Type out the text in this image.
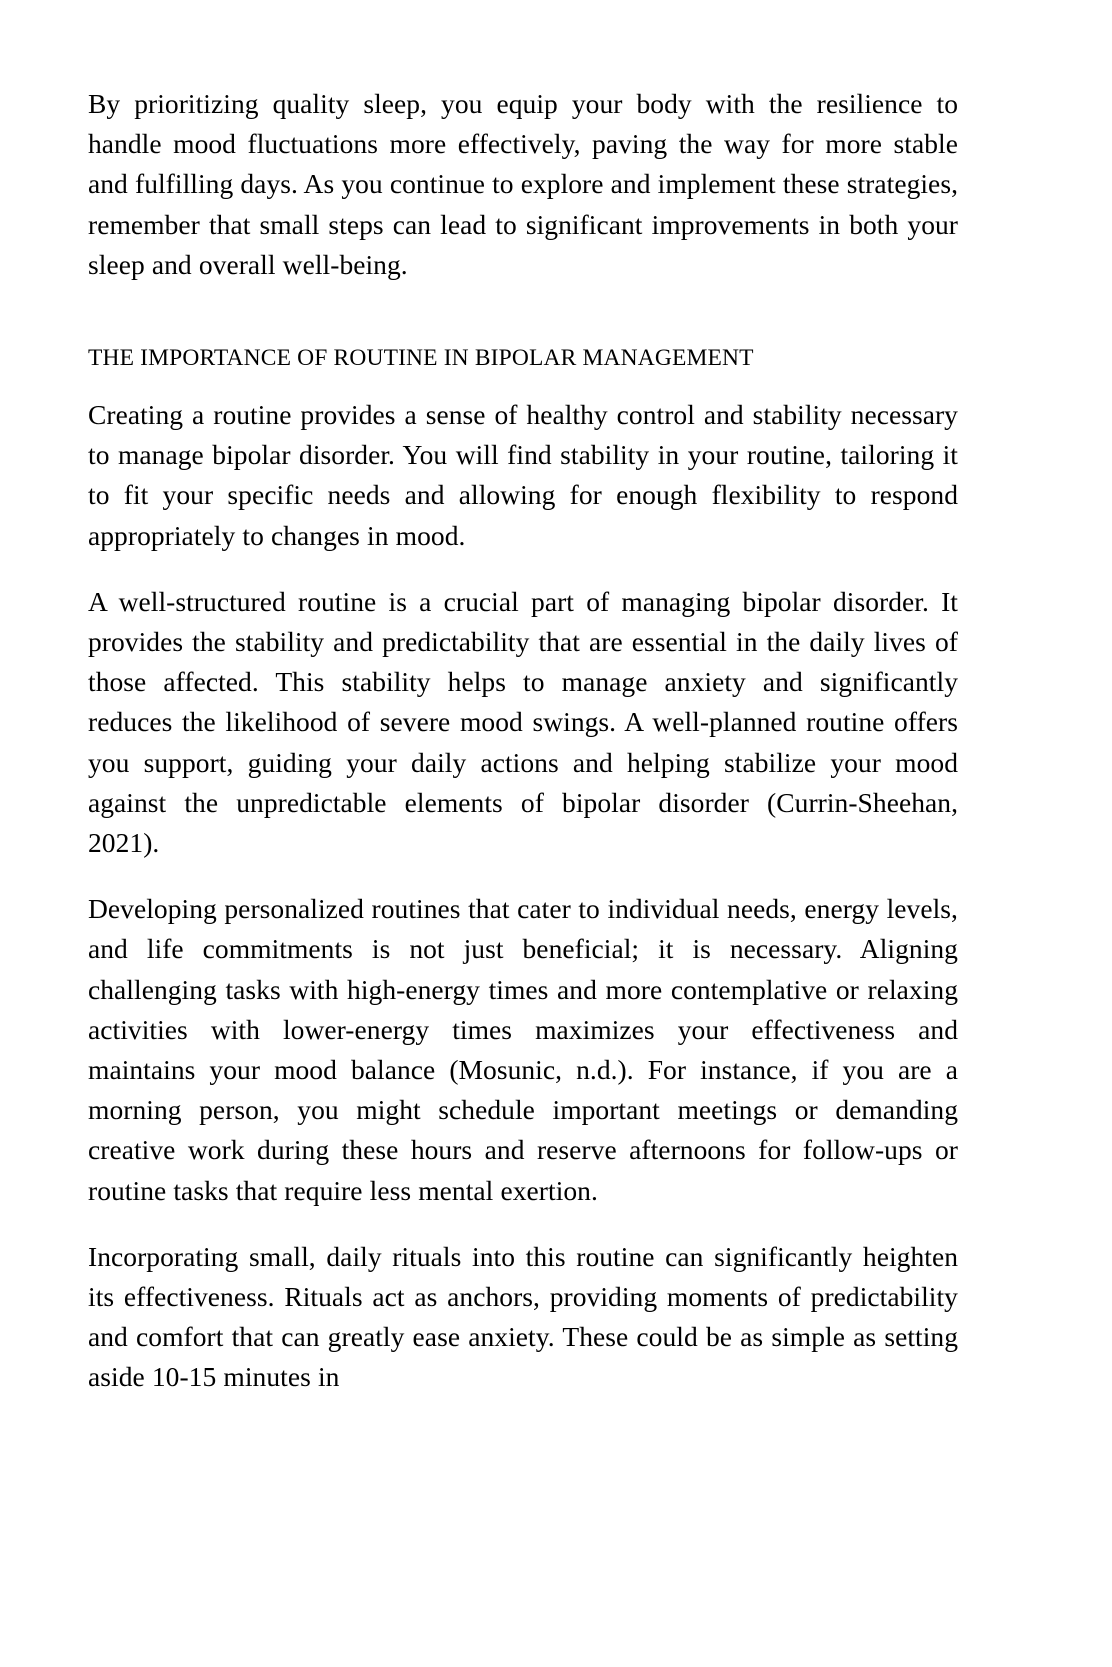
By prioritizing quality sleep, you equip your body with the resilience to handle mood fluctuations more effectively, paving the way for more stable and fulfilling days. As you continue to explore and implement these strategies, remember that small steps can lead to significant improvements in both your sleep and overall well-being.

THE IMPORTANCE OF ROUTINE IN BIPOLAR MANAGEMENT

Creating a routine provides a sense of healthy control and stability necessary to manage bipolar disorder. You will find stability in your routine, tailoring it to fit your specific needs and allowing for enough flexibility to respond appropriately to changes in mood.

A well-structured routine is a crucial part of managing bipolar disorder. It provides the stability and predictability that are essential in the daily lives of those affected. This stability helps to manage anxiety and significantly reduces the likelihood of severe mood swings. A well-planned routine offers you support, guiding your daily actions and helping stabilize your mood against the unpredictable elements of bipolar disorder (Currin-Sheehan, 2021).

Developing personalized routines that cater to individual needs, energy levels, and life commitments is not just beneficial; it is necessary. Aligning challenging tasks with high-energy times and more contemplative or relaxing activities with lower-energy times maximizes your effectiveness and maintains your mood balance (Mosunic, n.d.). For instance, if you are a morning person, you might schedule important meetings or demanding creative work during these hours and reserve afternoons for follow-ups or routine tasks that require less mental exertion.

Incorporating small, daily rituals into this routine can significantly heighten its effectiveness. Rituals act as anchors, providing moments of predictability and comfort that can greatly ease anxiety. These could be as simple as setting aside 10-15 minutes in
